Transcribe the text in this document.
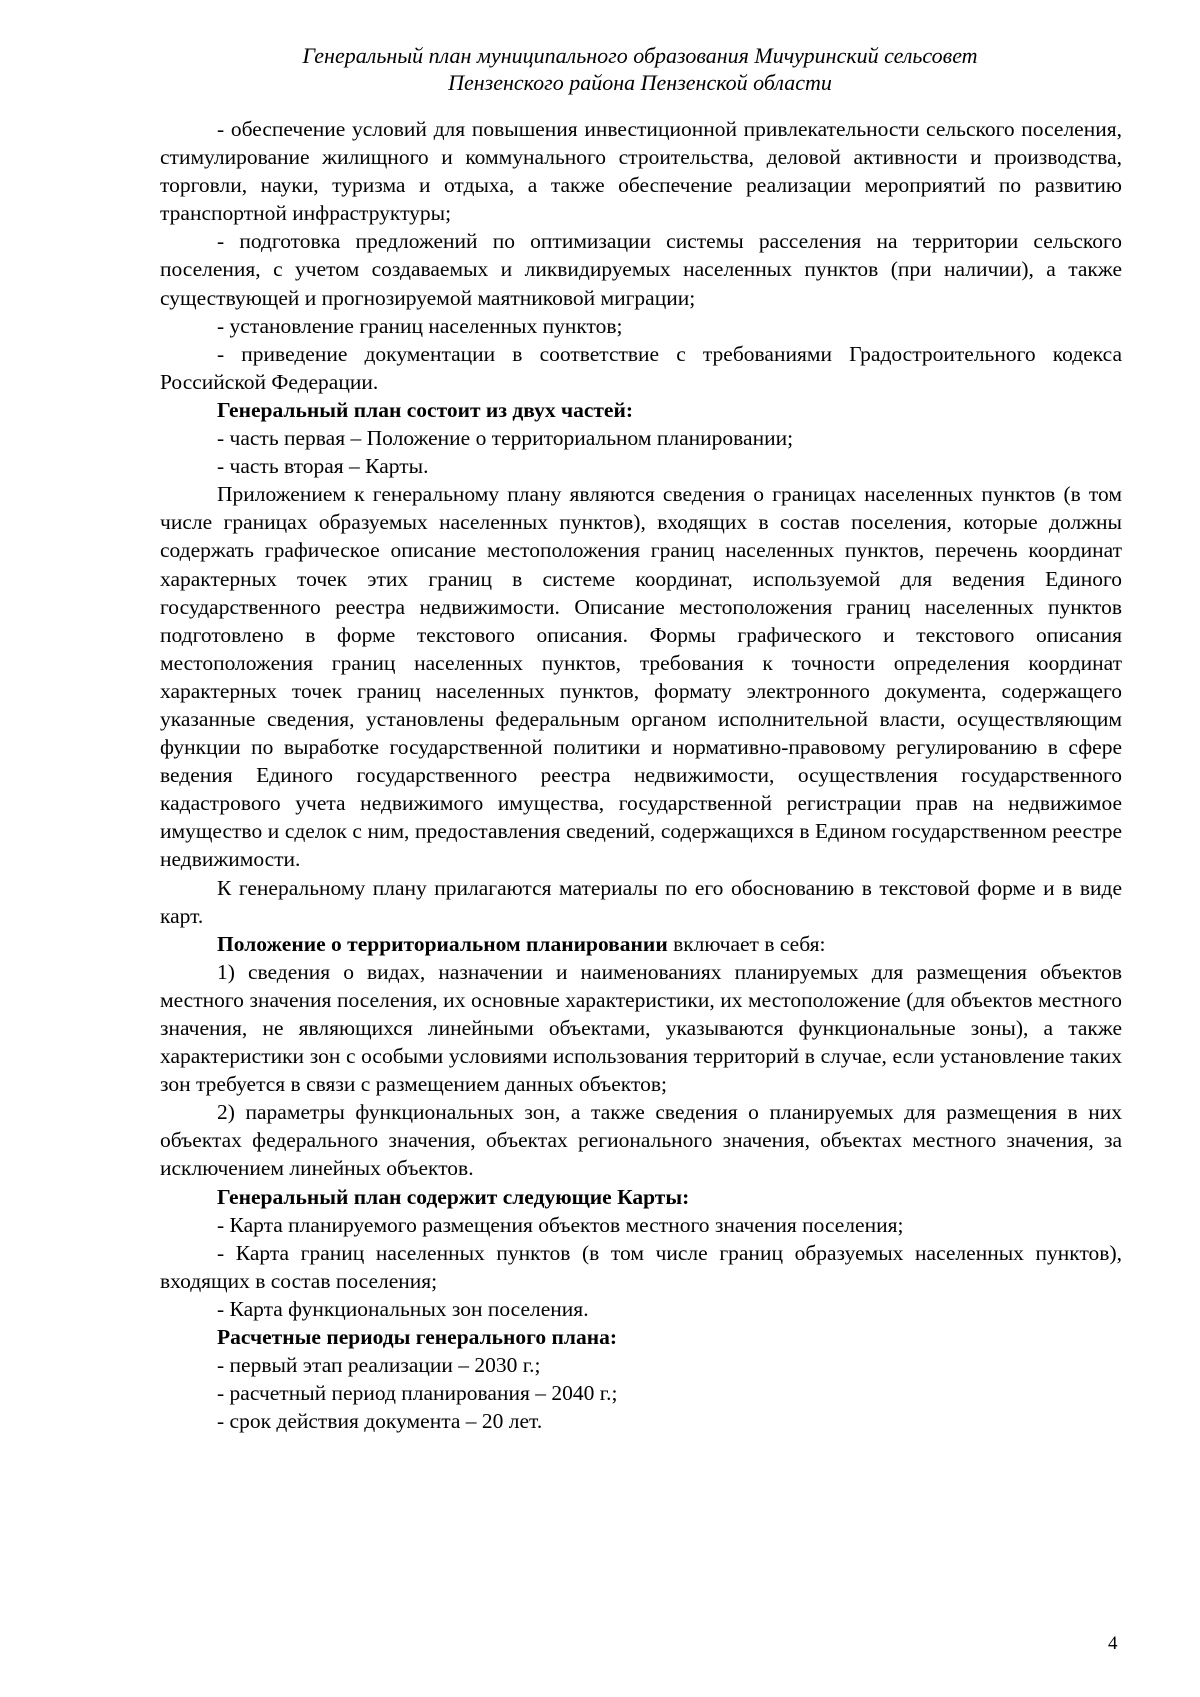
Генеральный план муниципального образования Мичуринский сельсовет
Пензенского района Пензенской области

- обеспечение условий для повышения инвестиционной привлекательности сельского поселения, стимулирование жилищного и коммунального строительства, деловой активности и производства, торговли, науки, туризма и отдыха, а также обеспечение реализации мероприятий по развитию транспортной инфраструктуры;

- подготовка предложений по оптимизации системы расселения на территории сельского поселения, с учетом создаваемых и ликвидируемых населенных пунктов (при наличии), а также существующей и прогнозируемой маятниковой миграции;

- установление границ населенных пунктов;

- приведение документации в соответствие с требованиями Градостроительного кодекса Российской Федерации.

Генеральный план состоит из двух частей:

- часть первая – Положение о территориальном планировании;

- часть вторая – Карты.

Приложением к генеральному плану являются сведения о границах населенных пунктов (в том числе границах образуемых населенных пунктов), входящих в состав поселения, которые должны содержать графическое описание местоположения границ населенных пунктов, перечень координат характерных точек этих границ в системе координат, используемой для ведения Единого государственного реестра недвижимости. Описание местоположения границ населенных пунктов подготовлено в форме текстового описания. Формы графического и текстового описания местоположения границ населенных пунктов, требования к точности определения координат характерных точек границ населенных пунктов, формату электронного документа, содержащего указанные сведения, установлены федеральным органом исполнительной власти, осуществляющим функции по выработке государственной политики и нормативно-правовому регулированию в сфере ведения Единого государственного реестра недвижимости, осуществления государственного кадастрового учета недвижимого имущества, государственной регистрации прав на недвижимое имущество и сделок с ним, предоставления сведений, содержащихся в Едином государственном реестре недвижимости.

К генеральному плану прилагаются материалы по его обоснованию в текстовой форме и в виде карт.

Положение о территориальном планировании включает в себя:

1) сведения о видах, назначении и наименованиях планируемых для размещения объектов местного значения поселения, их основные характеристики, их местоположение (для объектов местного значения, не являющихся линейными объектами, указываются функциональные зоны), а также характеристики зон с особыми условиями использования территорий в случае, если установление таких зон требуется в связи с размещением данных объектов;

2) параметры функциональных зон, а также сведения о планируемых для размещения в них объектах федерального значения, объектах регионального значения, объектах местного значения, за исключением линейных объектов.

Генеральный план содержит следующие Карты:

- Карта планируемого размещения объектов местного значения поселения;

- Карта границ населенных пунктов (в том числе границ образуемых населенных пунктов), входящих в состав поселения;

- Карта функциональных зон поселения.

Расчетные периоды генерального плана:

- первый этап реализации – 2030 г.;

- расчетный период планирования – 2040 г.;

- срок действия документа – 20 лет.

4
